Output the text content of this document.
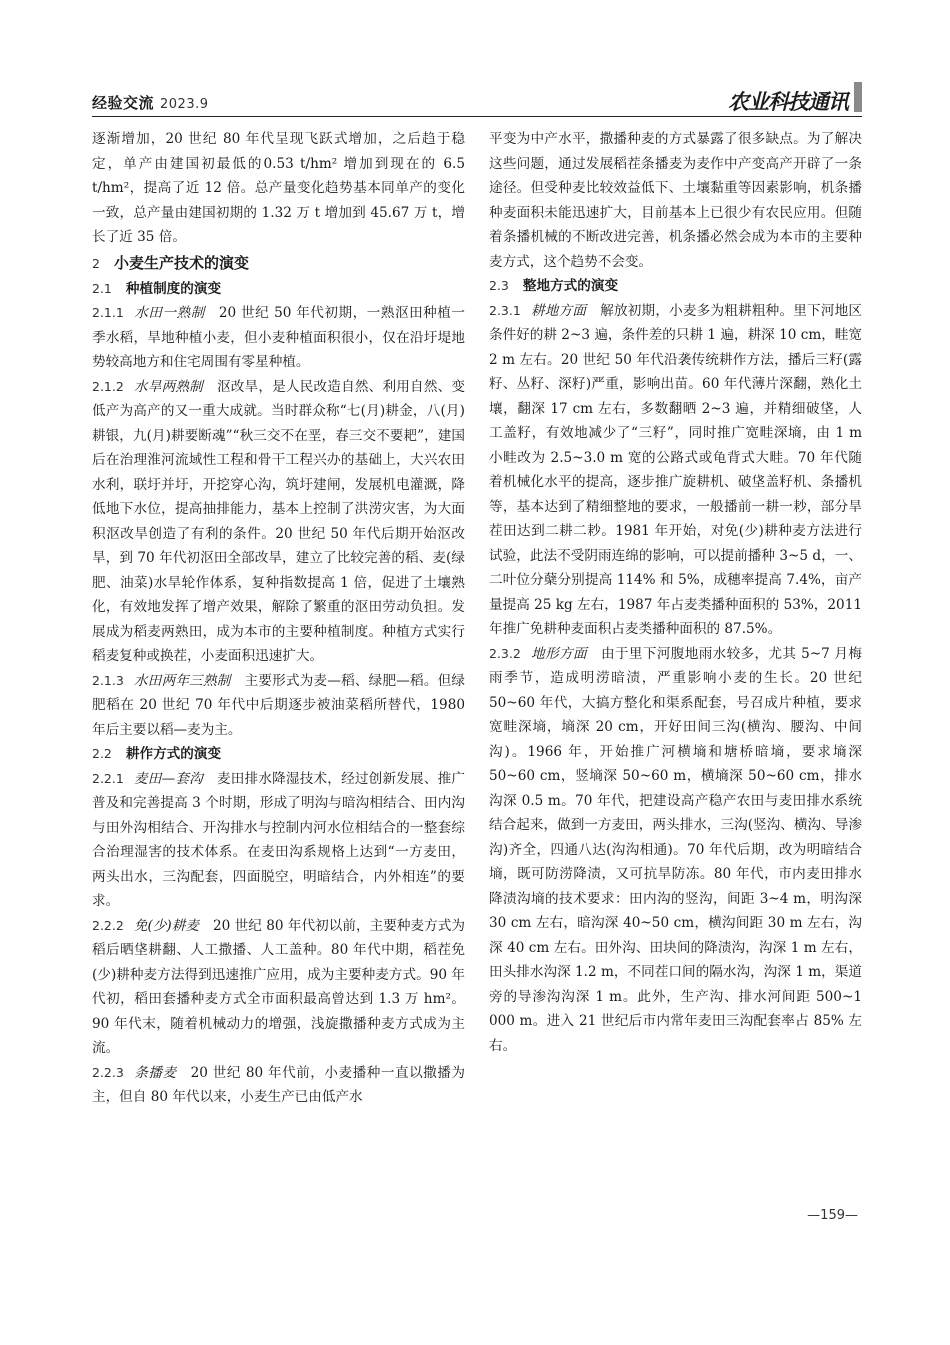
经验交流 2023.9	农业科技通讯

逐渐增加，20 世纪 80 年代呈现飞跃式增加，之后趋于稳定，单产由建国初最低的0.53 t/hm² 增加到现在的 6.5 t/hm²，提高了近 12 倍。总产量变化趋势基本同单产的变化一致，总产量由建国初期的 1.32 万 t 增加到 45.67 万 t，增长了近 35 倍。

2 小麦生产技术的演变

2.1 种植制度的演变

2.1.1 水田一熟制 20 世纪 50 年代初期，一熟沤田种植一季水稻，旱地种植小麦，但小麦种植面积很小，仅在沿圩堤地势较高地方和住宅周围有零星种植。

2.1.2 水旱两熟制 沤改旱，是人民改造自然、利用自然、变低产为高产的又一重大成就。当时群众称“七(月)耕金，八(月)耕银，九(月)耕要断魂”“秋三交不在垩，春三交不要耙”，建国后在治理淮河流域性工程和骨干工程兴办的基础上，大兴农田水利，联圩并圩，开挖穿心沟，筑圩建闸，发展机电灌溉，降低地下水位，提高抽排能力，基本上控制了洪涝灾害，为大面积沤改旱创造了有利的条件。20 世纪 50 年代后期开始沤改旱，到 70 年代初沤田全部改旱，建立了比较完善的稻、麦(绿肥、油菜)水旱轮作体系，复种指数提高 1 倍，促进了土壤熟化，有效地发挥了增产效果，解除了繁重的沤田劳动负担。发展成为稻麦两熟田，成为本市的主要种植制度。种植方式实行稻麦复种或换茬，小麦面积迅速扩大。

2.1.3 水田两年三熟制 主要形式为麦—稻、绿肥—稻。但绿肥稻在 20 世纪 70 年代中后期逐步被油菜稻所替代，1980 年后主要以稻—麦为主。

2.2 耕作方式的演变

2.2.1 麦田—套沟 麦田排水降湿技术，经过创新发展、推广普及和完善提高 3 个时期，形成了明沟与暗沟相结合、田内沟与田外沟相结合、开沟排水与控制内河水位相结合的一整套综合治理湿害的技术体系。在麦田沟系规格上达到“一方麦田，两头出水，三沟配套，四面脱空，明暗结合，内外相连”的要求。

2.2.2 免(少)耕麦 20 世纪 80 年代初以前，主要种麦方式为稻后晒垡耕翻、人工撒播、人工盖种。80 年代中期，稻茬免(少)耕种麦方法得到迅速推广应用，成为主要种麦方式。90 年代初，稻田套播种麦方式全市面积最高曾达到 1.3 万 hm²。90 年代末，随着机械动力的增强，浅旋撒播种麦方式成为主流。

2.2.3 条播麦 20 世纪 80 年代前，小麦播种一直以撒播为主，但自 80 年代以来，小麦生产已由低产水

平变为中产水平，撒播种麦的方式暴露了很多缺点。为了解决这些问题，通过发展稻茬条播麦为麦作中产变高产开辟了一条途径。但受种麦比较效益低下、土壤黏重等因素影响，机条播种麦面积未能迅速扩大，目前基本上已很少有农民应用。但随着条播机械的不断改进完善，机条播必然会成为本市的主要种麦方式，这个趋势不会变。

2.3 整地方式的演变

2.3.1 耕地方面 解放初期，小麦多为粗耕粗种。里下河地区条件好的耕 2~3 遍，条件差的只耕 1 遍，耕深 10 cm，畦宽 2 m 左右。20 世纪 50 年代沿袭传统耕作方法，播后三籽(露籽、丛籽、深籽)严重，影响出苗。60 年代薄片深翻，熟化土壤，翻深 17 cm 左右，多数翻晒 2~3 遍，并精细破垡，人工盖籽，有效地减少了“三籽”，同时推广宽畦深墒，由 1 m 小畦改为 2.5~3.0 m 宽的公路式或龟背式大畦。70 年代随着机械化水平的提高，逐步推广旋耕机、破垡盖籽机、条播机等，基本达到了精细整地的要求，一般播前一耕一耖，部分旱茬田达到二耕二耖。1981 年开始，对免(少)耕种麦方法进行试验，此法不受阴雨连绵的影响，可以提前播种 3~5 d，一、二叶位分蘖分别提高 114% 和 5%，成穗率提高 7.4%，亩产量提高 25 kg 左右，1987 年占麦类播种面积的 53%，2011 年推广免耕种麦面积占麦类播种面积的 87.5%。

2.3.2 地形方面 由于里下河腹地雨水较多，尤其 5~7 月梅雨季节，造成明涝暗渍，严重影响小麦的生长。20 世纪 50~60 年代，大搞方整化和渠系配套，号召成片种植，要求宽畦深墒，墒深 20 cm，开好田间三沟(横沟、腰沟、中间沟)。1966 年，开始推广河横墒和塘桥暗墒，要求墒深 50~60 cm，竖墒深 50~60 m，横墒深 50~60 cm，排水沟深 0.5 m。70 年代，把建设高产稳产农田与麦田排水系统结合起来，做到一方麦田，两头排水，三沟(竖沟、横沟、导渗沟)齐全，四通八达(沟沟相通)。70 年代后期，改为明暗结合墒，既可防涝降渍，又可抗旱防冻。80 年代，市内麦田排水降渍沟墒的技术要求：田内沟的竖沟，间距 3~4 m，明沟深 30 cm 左右，暗沟深 40~50 cm，横沟间距 30 m 左右，沟深 40 cm 左右。田外沟、田块间的降渍沟，沟深 1 m 左右，田头排水沟深 1.2 m，不同茬口间的隔水沟，沟深 1 m，渠道旁的导渗沟沟深 1 m。此外，生产沟、排水河间距 500~1 000 m。进入 21 世纪后市内常年麦田三沟配套率占 85% 左右。

—159—
